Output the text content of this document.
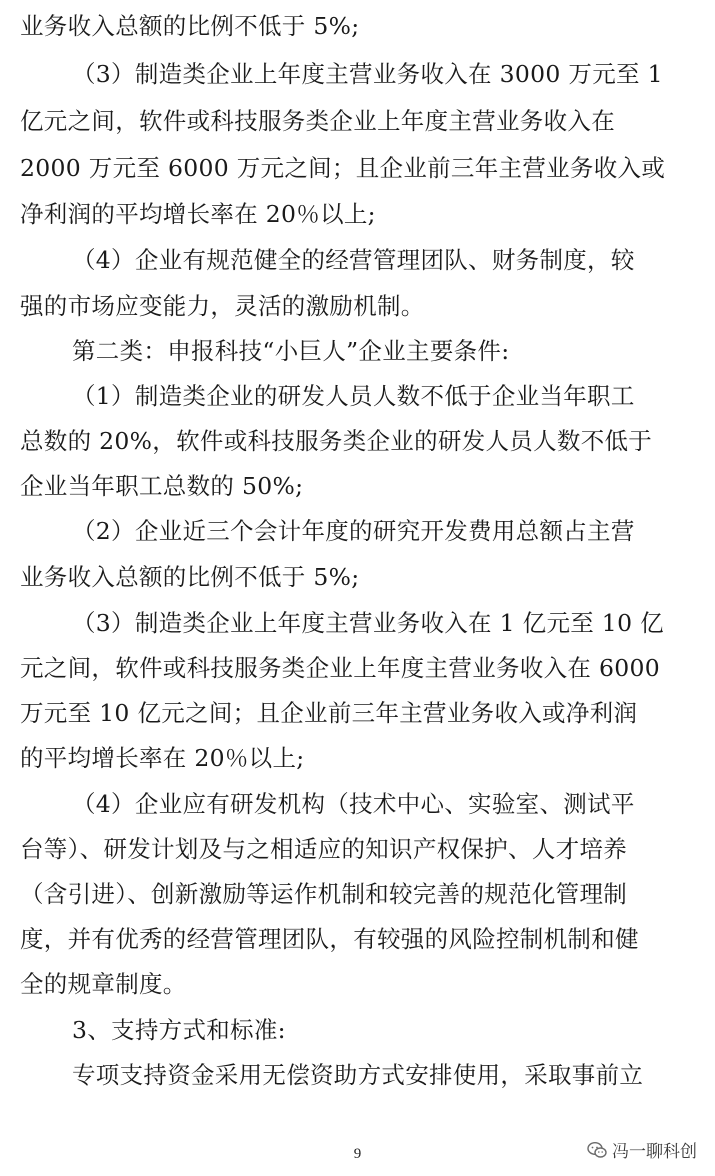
业务收入总额的比例不低于 5%;
（3）制造类企业上年度主营业务收入在 3000 万元至 1
亿元之间，软件或科技服务类企业上年度主营业务收入在
2000 万元至 6000 万元之间；且企业前三年主营业务收入或
净利润的平均增长率在 20％以上;
（4）企业有规范健全的经营管理团队、财务制度，较
强的市场应变能力，灵活的激励机制。
第二类：申报科技“小巨人”企业主要条件:
（1）制造类企业的研发人员人数不低于企业当年职工
总数的 20%，软件或科技服务类企业的研发人员人数不低于
企业当年职工总数的 50%;
（2）企业近三个会计年度的研究开发费用总额占主营
业务收入总额的比例不低于 5%;
（3）制造类企业上年度主营业务收入在 1 亿元至 10 亿
元之间，软件或科技服务类企业上年度主营业务收入在 6000
万元至 10 亿元之间；且企业前三年主营业务收入或净利润
的平均增长率在 20％以上;
（4）企业应有研发机构（技术中心、实验室、测试平
台等）、研发计划及与之相适应的知识产权保护、人才培养
（含引进）、创新激励等运作机制和较完善的规范化管理制
度，并有优秀的经营管理团队，有较强的风险控制机制和健
全的规章制度。
3、支持方式和标准:
专项支持资金采用无偿资助方式安排使用，采取事前立
9	冯一聊科创
